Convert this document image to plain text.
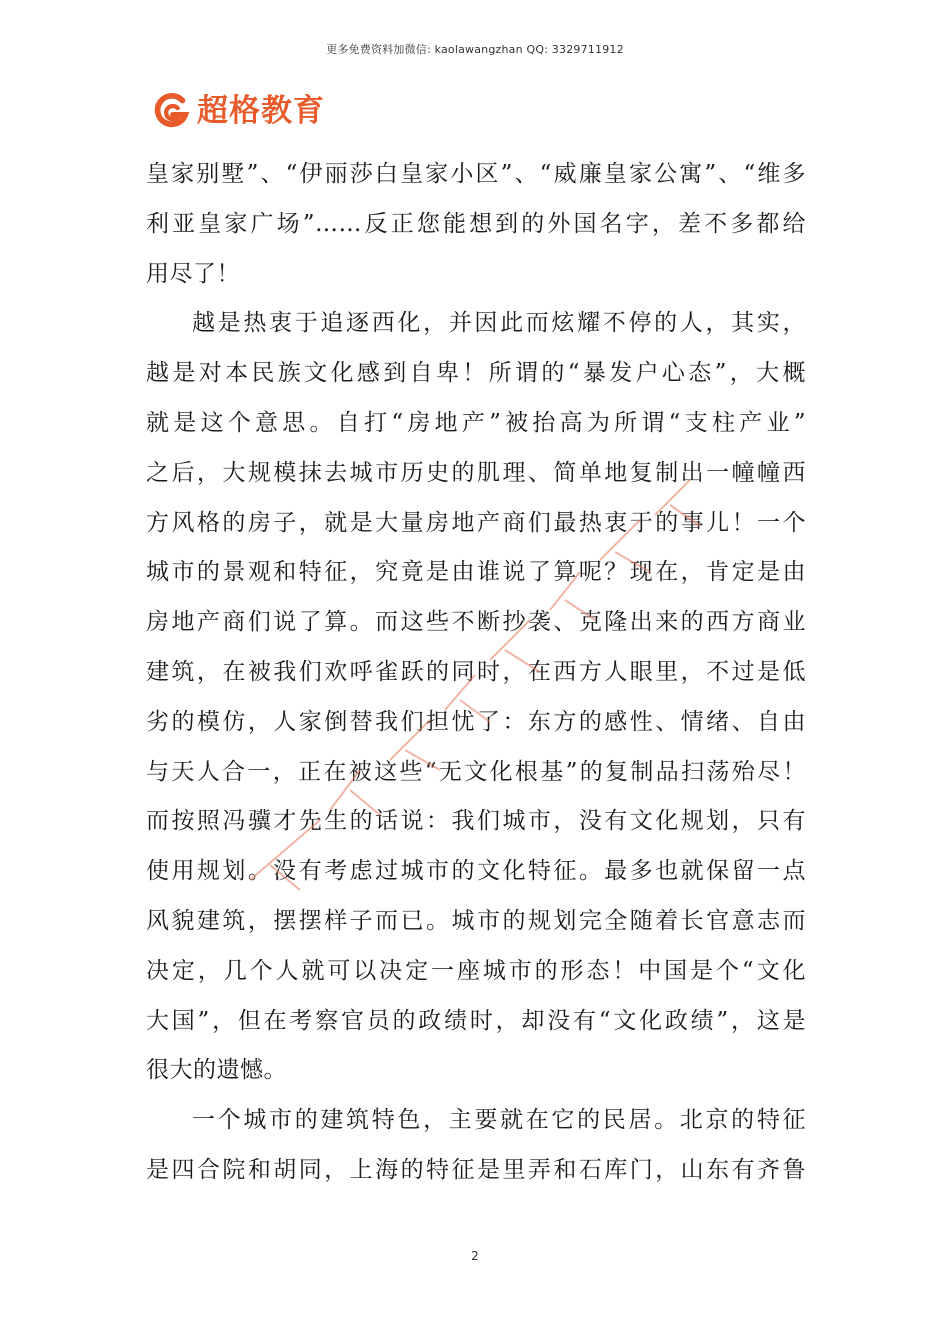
更多免费资料加微信: kaolawangzhan QQ: 3329711912
超格教育
皇家别墅”、“伊丽莎白皇家小区”、“威廉皇家公寓”、“维多
利亚皇家广场”……反正您能想到的外国名字，差不多都给
用尽了！
越是热衷于追逐西化，并因此而炫耀不停的人，其实，
越是对本民族文化感到自卑！所谓的“暴发户心态”，大概
就是这个意思。自打“房地产”被抬高为所谓“支柱产业”
之后，大规模抹去城市历史的肌理、简单地复制出一幢幢西
方风格的房子，就是大量房地产商们最热衷于的事儿！一个
城市的景观和特征，究竟是由谁说了算呢？现在，肯定是由
房地产商们说了算。而这些不断抄袭、克隆出来的西方商业
建筑，在被我们欢呼雀跃的同时，在西方人眼里，不过是低
劣的模仿，人家倒替我们担忧了：东方的感性、情绪、自由
与天人合一，正在被这些“无文化根基”的复制品扫荡殆尽！
而按照冯骥才先生的话说：我们城市，没有文化规划，只有
使用规划。没有考虑过城市的文化特征。最多也就保留一点
风貌建筑，摆摆样子而已。城市的规划完全随着长官意志而
决定，几个人就可以决定一座城市的形态！中国是个“文化
大国”，但在考察官员的政绩时，却没有“文化政绩”，这是
很大的遗憾。
一个城市的建筑特色，主要就在它的民居。北京的特征
是四合院和胡同，上海的特征是里弄和石库门，山东有齐鲁
2
